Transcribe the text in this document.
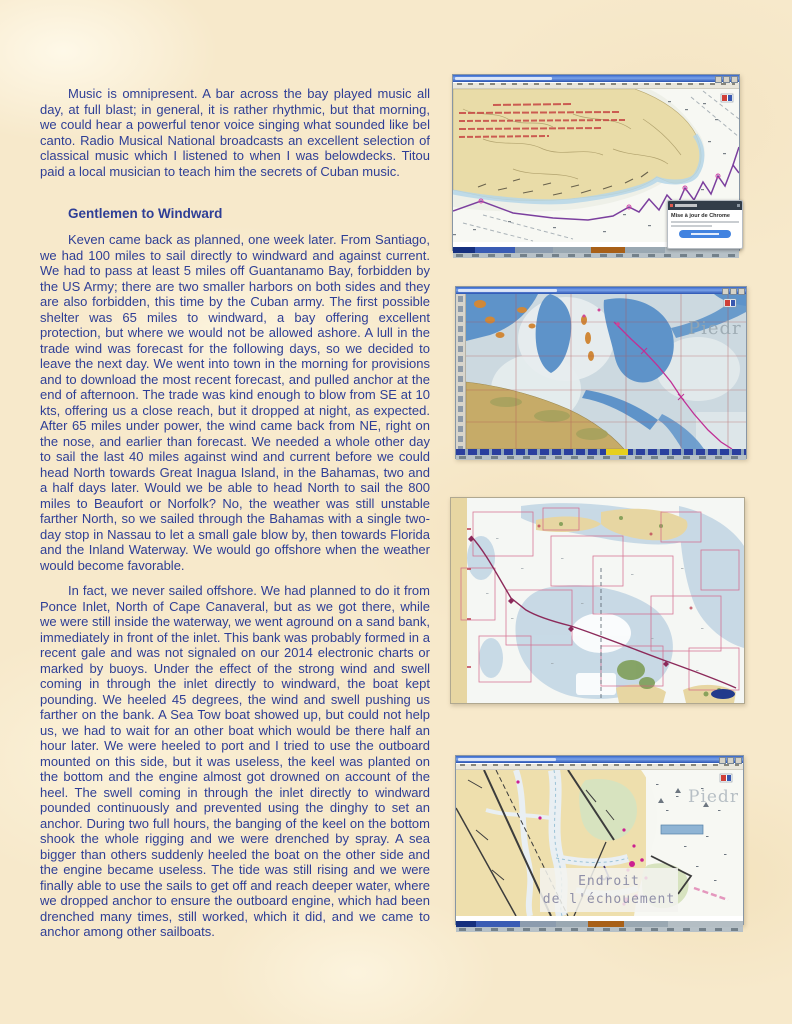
Music is omnipresent. A bar across the bay played music all day, at full blast; in general, it is rather rhythmic, but that morning, we could hear a powerful tenor voice singing what sounded like bel canto. Radio Musical National broadcasts an excellent selection of classical music which I listened to when I was belowdecks. Titou paid a local musician to teach him the secrets of Cuban music.

Gentlemen to Windward

Keven came back as planned, one week later. From Santiago, we had 100 miles to sail directly to windward and against current. We had to pass at least 5 miles off Guantanamo Bay, forbidden by the US Army; there are two smaller harbors on both sides and they are also forbidden, this time by the Cuban army. The first possible shelter was 65 miles to windward, a bay offering excellent protection, but where we would not be allowed ashore. A lull in the trade wind was forecast for the following days, so we decided to leave the next day. We went into town in the morning for provisions and to download the most recent forecast, and pulled anchor at the end of afternoon. The trade was kind enough to blow from SE at 10 kts, offering us a close reach, but it dropped at night, as expected. After 65 miles under power, the wind came back from NE, right on the nose, and earlier than forecast. We needed a whole other day to sail the last 40 miles against wind and current before we could head North towards Great Inagua Island, in the Bahamas, two and a half days later. Would we be able to head North to sail the 800 miles to Beaufort or Norfolk? No, the weather was still unstable farther North, so we sailed through the Bahamas with a single two-day stop in Nassau to let a small gale blow by, then towards Florida and the Inland Waterway. We would go offshore when the weather would become favorable.

In fact, we never sailed offshore. We had planned to do it from Ponce Inlet, North of Cape Canaveral, but as we got there, while we were still inside the waterway, we went aground on a sand bank, immediately in front of the inlet. This bank was probably formed in a recent gale and was not signaled on our 2014 electronic charts or marked by buoys. Under the effect of the strong wind and swell coming in through the inlet directly to windward, the boat kept pounding. We heeled 45 degrees, the wind and swell pushing us farther on the bank. A Sea Tow boat showed up, but could not help us, we had to wait for an other boat which would be there half an hour later. We were heeled to port and I tried to use the outboard mounted on this side, but it was useless, the keel was planted on the bottom and the engine almost got drowned on account of the heel. The swell coming in through the inlet directly to windward pounded continuously and prevented using the dinghy to set an anchor. During two full hours, the banging of the keel on the bottom shook the whole rigging and we were drenched by spray. A sea bigger than others suddenly heeled the boat on the other side and the engine became useless. The tide was still rising and we were finally able to use the sails to get off and reach deeper water, where we dropped anchor to ensure the outboard engine, which had been drenched many times, still worked, which it did, and we came to anchor among other sailboats.

Mise à jour de Chrome
Piedr
Endroit
de l'échouement
Piedr
